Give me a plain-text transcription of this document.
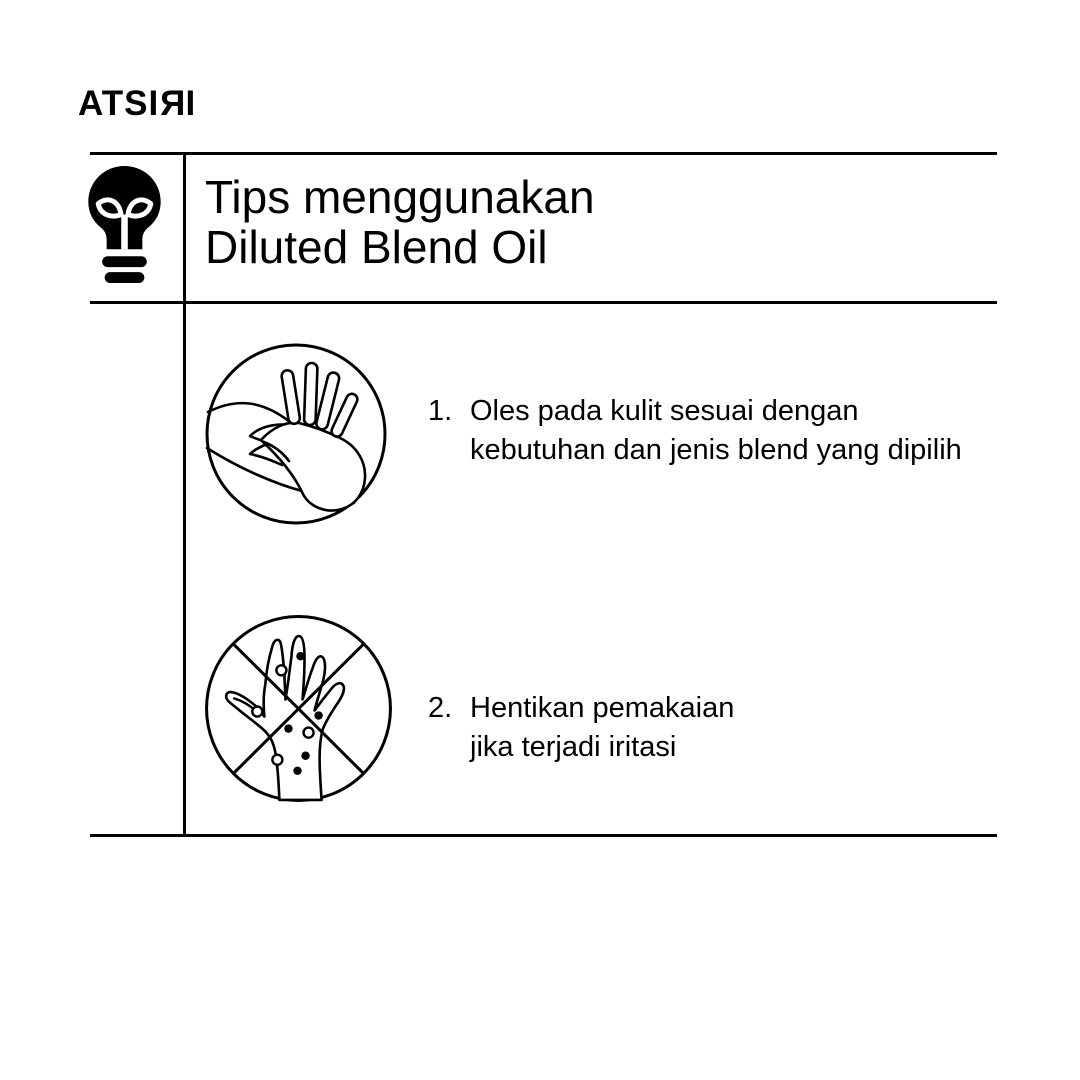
ATSIRI
Tips menggunakan
Diluted Blend Oil
1. Oles pada kulit sesuai dengan
kebutuhan dan jenis blend yang dipilih
2. Hentikan pemakaian
jika terjadi iritasi
